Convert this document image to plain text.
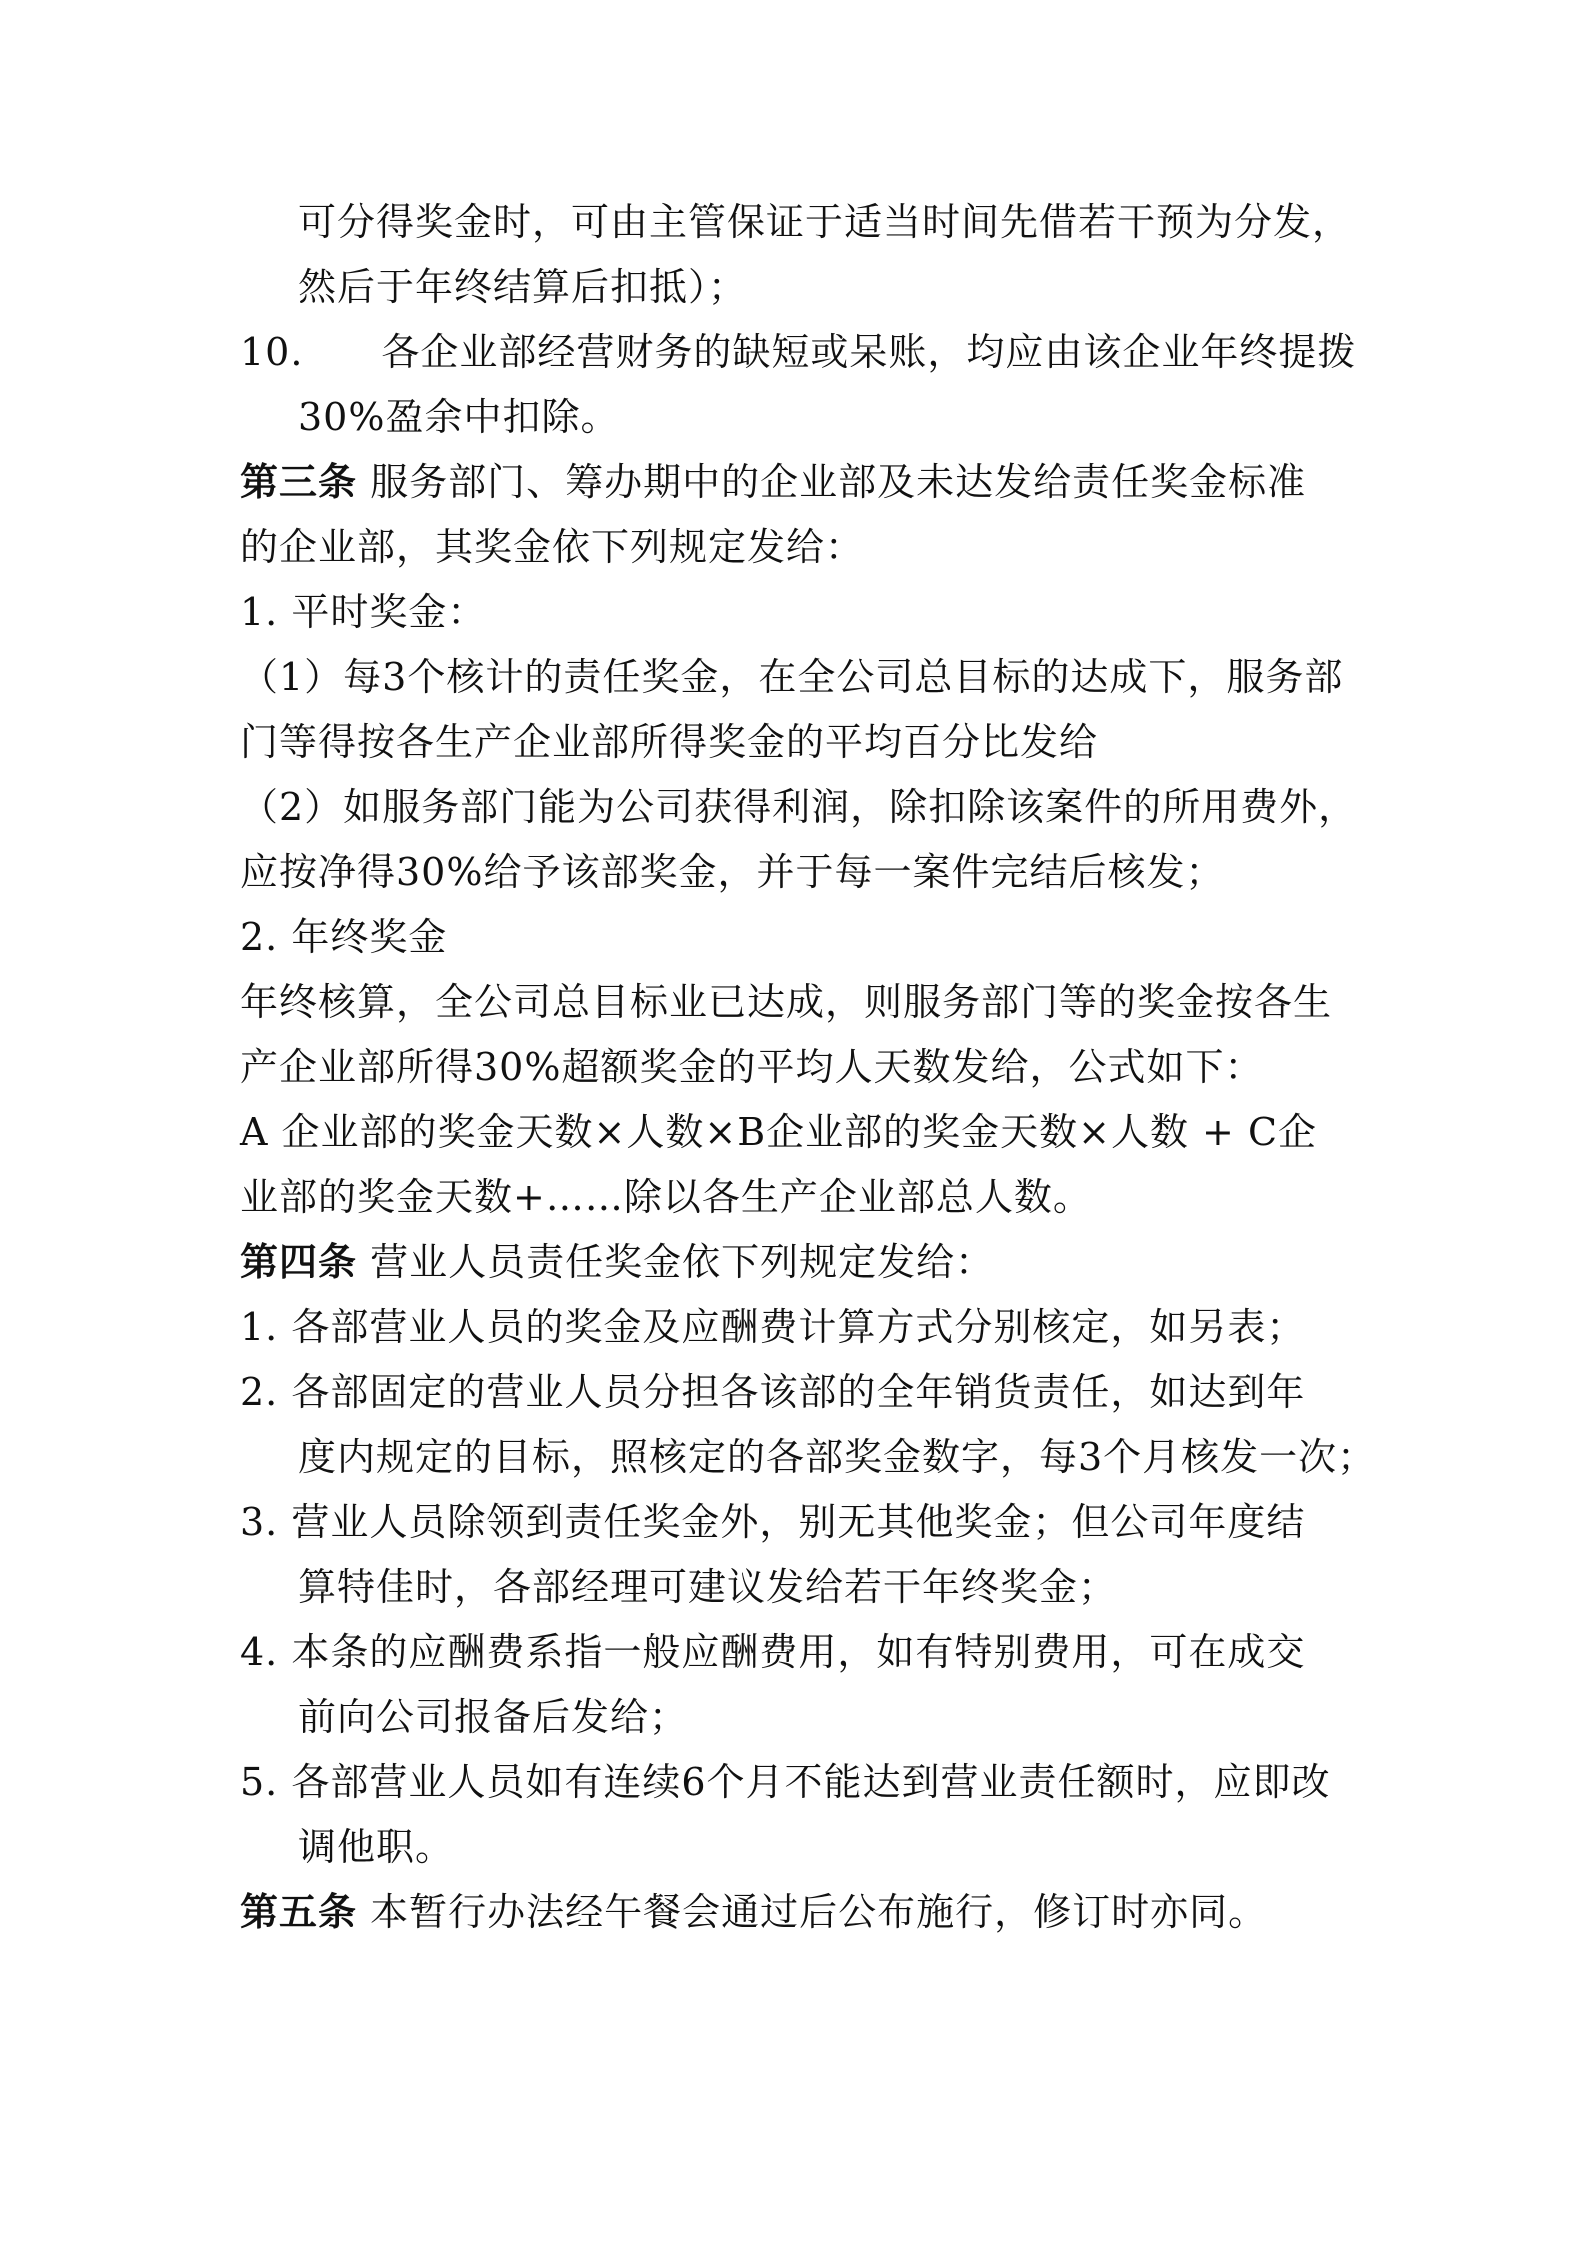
可分得奖金时，可由主管保证于适当时间先借若干预为分发，
然后于年终结算后扣抵）；
10.　　各企业部经营财务的缺短或呆账，均应由该企业年终提拨
30%盈余中扣除。
第三条 服务部门、筹办期中的企业部及未达发给责任奖金标准
的企业部，其奖金依下列规定发给：
1. 平时奖金：
（1）每3个核计的责任奖金，在全公司总目标的达成下，服务部
门等得按各生产企业部所得奖金的平均百分比发给
（2）如服务部门能为公司获得利润，除扣除该案件的所用费外，
应按净得30%给予该部奖金，并于每一案件完结后核发；
2. 年终奖金
年终核算，全公司总目标业已达成，则服务部门等的奖金按各生
产企业部所得30%超额奖金的平均人天数发给，公式如下：
A 企业部的奖金天数×人数×B企业部的奖金天数×人数 + C企
业部的奖金天数+……除以各生产企业部总人数。
第四条 营业人员责任奖金依下列规定发给：
1. 各部营业人员的奖金及应酬费计算方式分别核定，如另表；
2. 各部固定的营业人员分担各该部的全年销货责任，如达到年
度内规定的目标，照核定的各部奖金数字，每3个月核发一次；
3. 营业人员除领到责任奖金外，别无其他奖金；但公司年度结
算特佳时，各部经理可建议发给若干年终奖金；
4. 本条的应酬费系指一般应酬费用，如有特别费用，可在成交
前向公司报备后发给；
5. 各部营业人员如有连续6个月不能达到营业责任额时，应即改
调他职。
第五条 本暂行办法经午餐会通过后公布施行，修订时亦同。
